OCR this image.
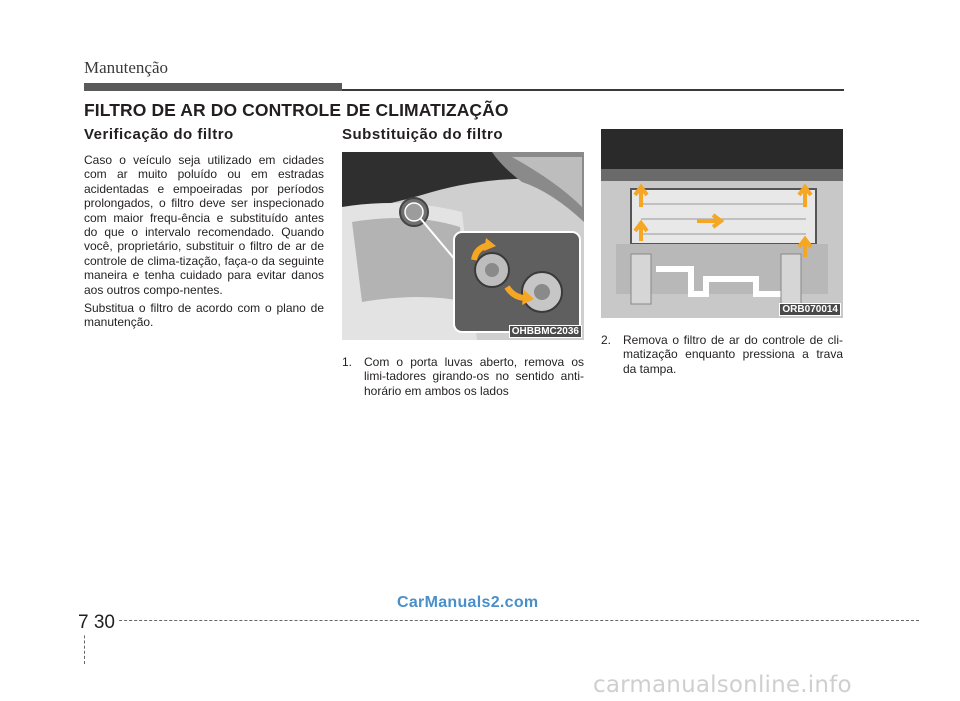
Manutenção
FILTRO DE AR DO CONTROLE DE CLIMATIZAÇÃO
Verificação do filtro

Caso o veículo seja utilizado em cidades com ar muito poluído ou em estradas acidentadas e empoeiradas por períodos prolongados, o filtro deve ser inspecionado com maior frequ-ência e substituído antes do que o intervalo recomendado. Quando você, proprietário, substituir o filtro de ar de controle de clima-tização, faça-o da seguinte maneira e tenha cuidado para evitar danos aos outros compo-nentes.

Substitua o filtro de acordo com o plano de manutenção.

Substituição do filtro
OHBBMC2036
1. Com o porta luvas aberto, remova os limi-tadores girando-os no sentido anti-horário em ambos os lados
ORB070014
2. Remova o filtro de ar do controle de cli-matização enquanto pressiona a trava da tampa.
CarManuals2.com
7 30
carmanualsonline.info
